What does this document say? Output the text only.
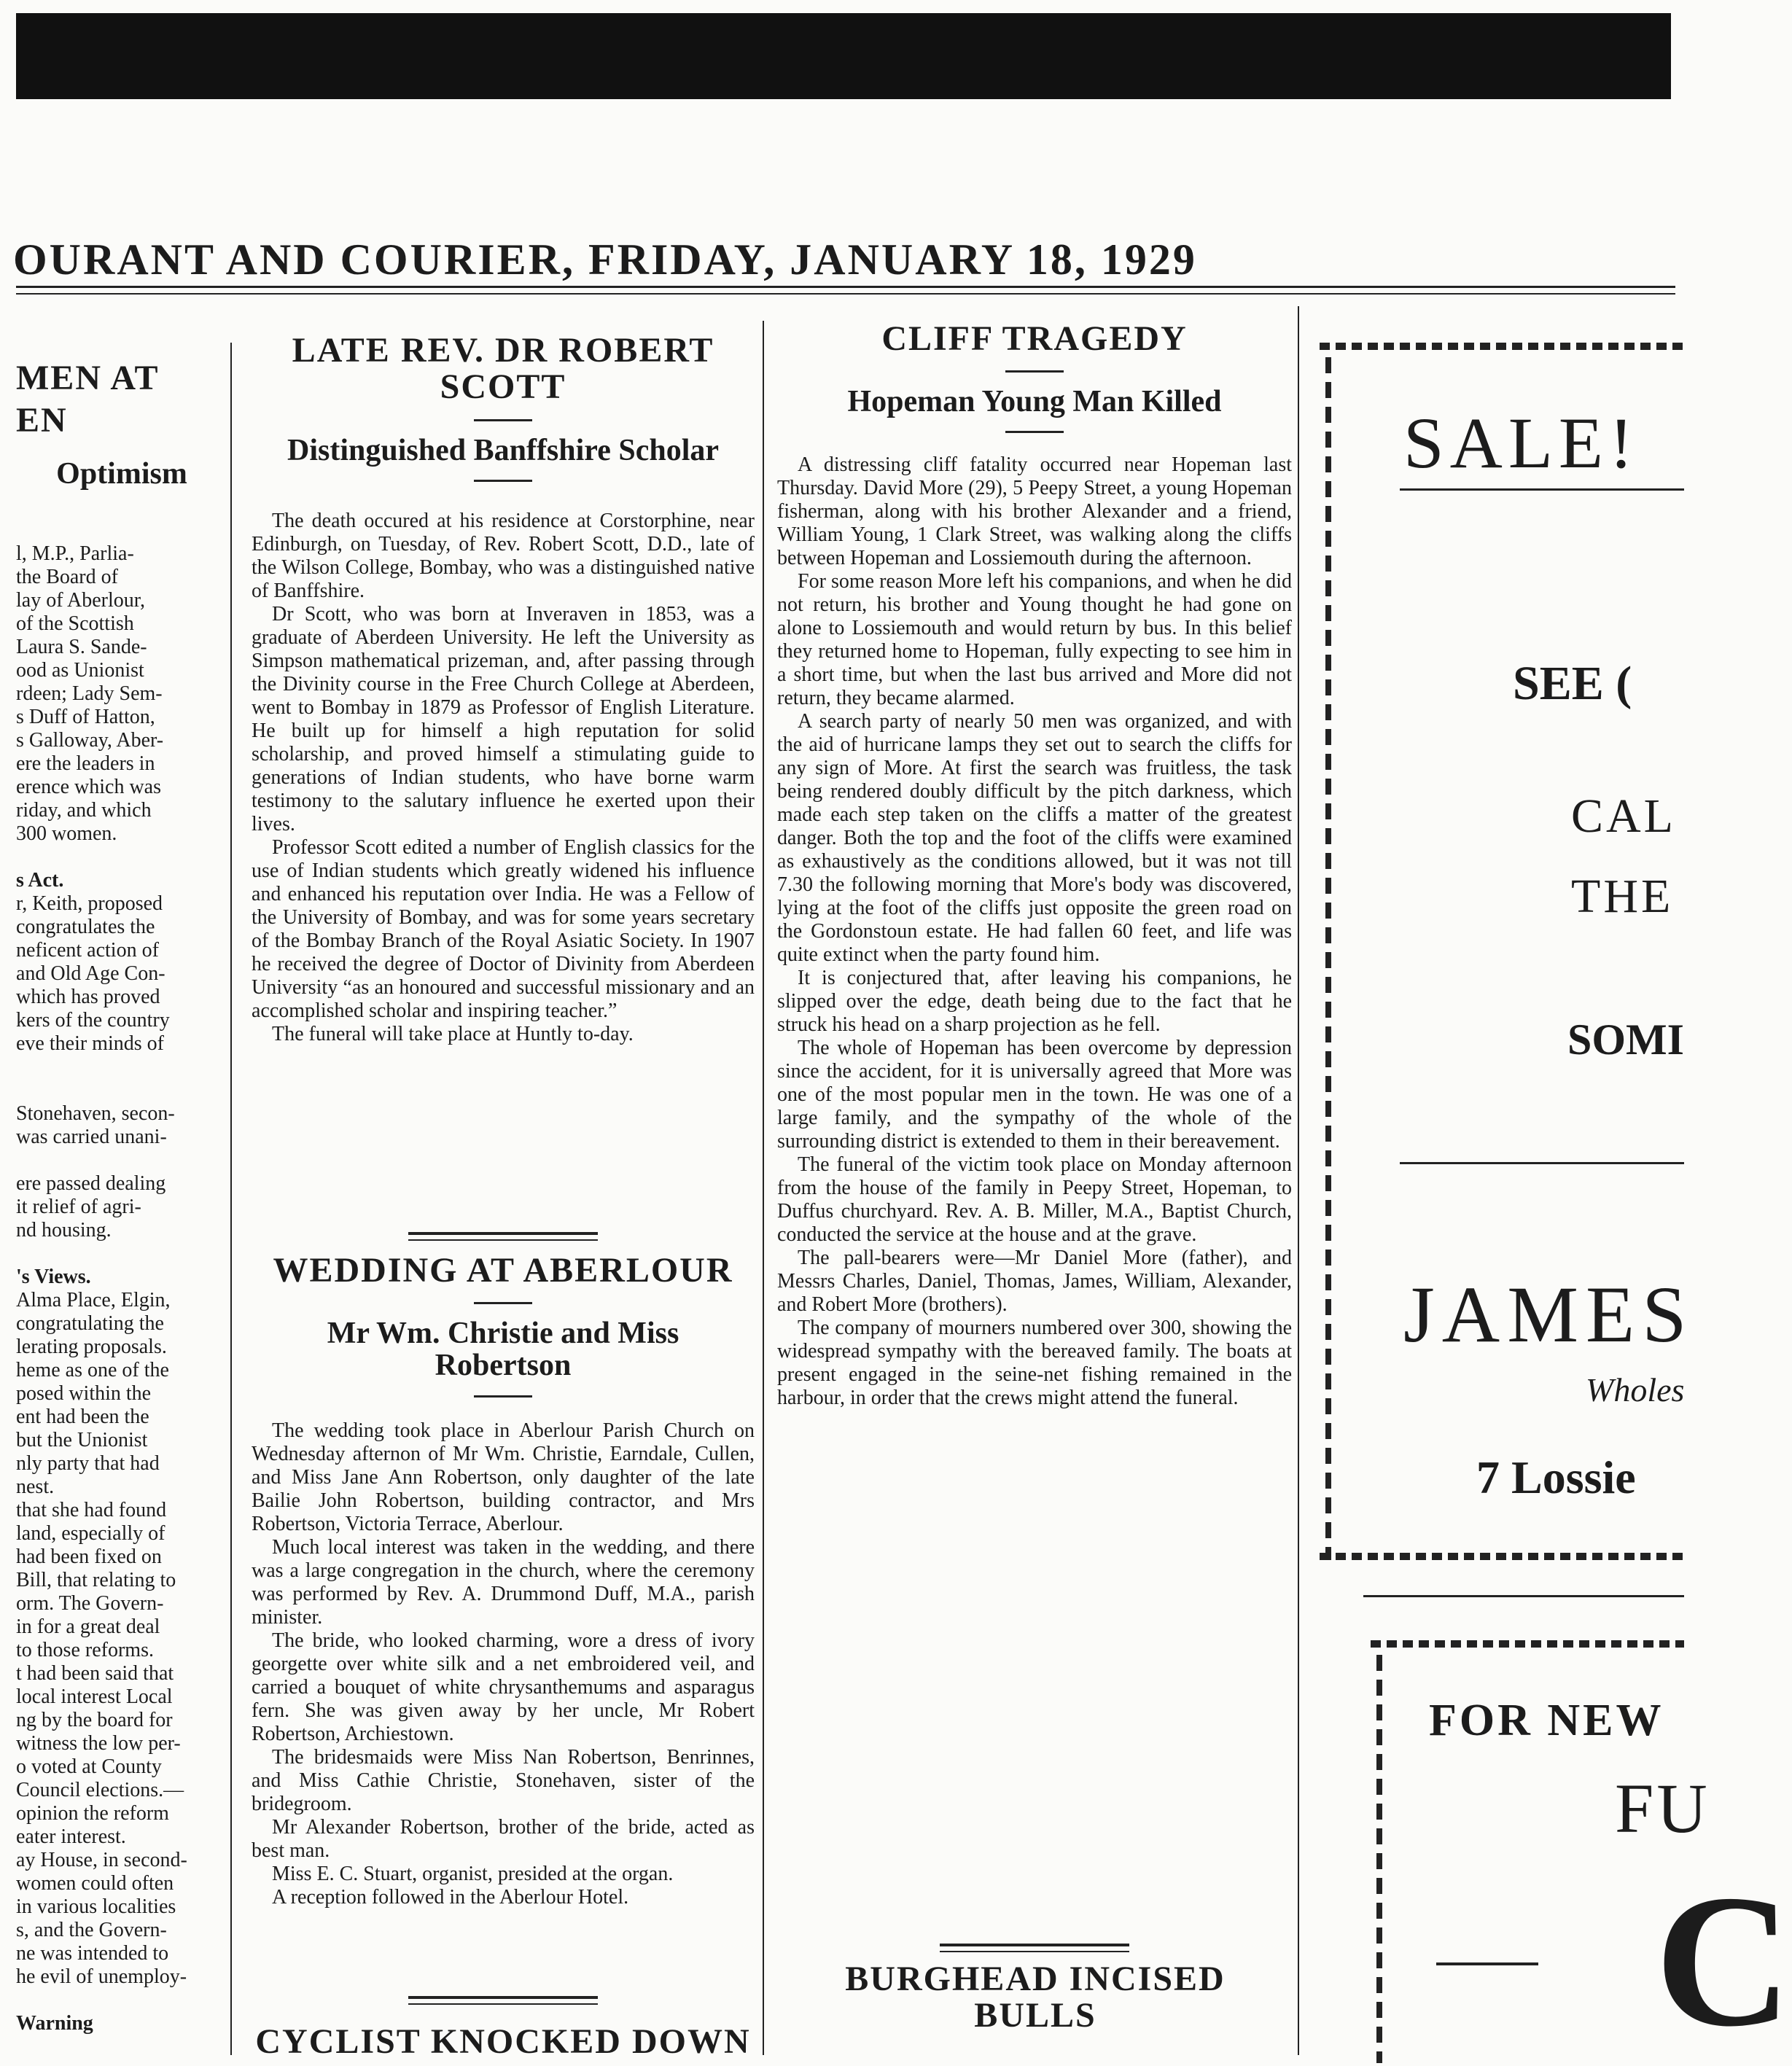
OURANT AND COURIER, FRIDAY, JANUARY 18, 1929
MEN AT
EN
Optimism
l, M.P., Parlia-
the Board of
lay of Aberlour,
of the Scottish
Laura S. Sande-
ood as Unionist
rdeen; Lady Sem-
s Duff of Hatton,
s Galloway, Aber-
ere the leaders in
erence which was
riday, and which
300 women.
s Act.
r, Keith, proposed
congratulates the
neficent action of
and Old Age Con-
which has proved
kers of the country
eve their minds of
Stonehaven, secon-
was carried unani-
ere passed dealing
it relief of agri-
nd housing.
's Views.
Alma Place, Elgin,
congratulating the
lerating proposals.
heme as one of the
posed within the
ent had been the
but the Unionist
nly party that had
nest.
that she had found
land, especially of
had been fixed on
Bill, that relating to
orm. The Govern-
in for a great deal
to those reforms.
t had been said that
local interest Local
ng by the board for
witness the low per-
o voted at County
Council elections.—
opinion the reform
eater interest.
ay House, in second-
women could often
in various localities
s, and the Govern-
ne was intended to
he evil of unemploy-
Warning
LATE REV. DR ROBERT SCOTT
Distinguished Banffshire Scholar

The death occured at his residence at Corstorphine, near Edinburgh, on Tuesday, of Rev. Robert Scott, D.D., late of the Wilson College, Bombay, who was a distinguished native of Banffshire.

Dr Scott, who was born at Inveraven in 1853, was a graduate of Aberdeen University. He left the University as Simpson mathematical prizeman, and, after passing through the Divinity course in the Free Church College at Aberdeen, went to Bombay in 1879 as Professor of English Literature. He built up for himself a high reputation for solid scholarship, and proved himself a stimulating guide to generations of Indian students, who have borne warm testimony to the salutary influence he exerted upon their lives.

Professor Scott edited a number of English classics for the use of Indian students which greatly widened his influence and enhanced his reputation over India. He was a Fellow of the University of Bombay, and was for some years secretary of the Bombay Branch of the Royal Asiatic Society. In 1907 he received the degree of Doctor of Divinity from Aberdeen University “as an honoured and successful missionary and an accomplished scholar and inspiring teacher.”

The funeral will take place at Huntly to-day.

WEDDING AT ABERLOUR
Mr Wm. Christie and Miss Robertson

The wedding took place in Aberlour Parish Church on Wednesday afternon of Mr Wm. Christie, Earndale, Cullen, and Miss Jane Ann Robertson, only daughter of the late Bailie John Robertson, building contractor, and Mrs Robertson, Victoria Terrace, Aberlour.

Much local interest was taken in the wedding, and there was a large congregation in the church, where the ceremony was performed by Rev. A. Drummond Duff, M.A., parish minister.

The bride, who looked charming, wore a dress of ivory georgette over white silk and a net embroidered veil, and carried a bouquet of white chrysanthemums and asparagus fern. She was given away by her uncle, Mr Robert Robertson, Archiestown.

The bridesmaids were Miss Nan Robertson, Benrinnes, and Miss Cathie Christie, Stonehaven, sister of the bridegroom.

Mr Alexander Robertson, brother of the bride, acted as best man.

Miss E. C. Stuart, organist, presided at the organ.

A reception followed in the Aberlour Hotel.

CYCLIST KNOCKED DOWN
CLIFF TRAGEDY
Hopeman Young Man Killed

A distressing cliff fatality occurred near Hopeman last Thursday. David More (29), 5 Peepy Street, a young Hopeman fisherman, along with his brother Alexander and a friend, William Young, 1 Clark Street, was walking along the cliffs between Hopeman and Lossiemouth during the afternoon.

For some reason More left his companions, and when he did not return, his brother and Young thought he had gone on alone to Lossiemouth and would return by bus. In this belief they returned home to Hopeman, fully expecting to see him in a short time, but when the last bus arrived and More did not return, they became alarmed.

A search party of nearly 50 men was organized, and with the aid of hurricane lamps they set out to search the cliffs for any sign of More. At first the search was fruitless, the task being rendered doubly difficult by the pitch darkness, which made each step taken on the cliffs a matter of the greatest danger. Both the top and the foot of the cliffs were examined as exhaustively as the conditions allowed, but it was not till 7.30 the following morning that More's body was discovered, lying at the foot of the cliffs just opposite the green road on the Gordonstoun estate. He had fallen 60 feet, and life was quite extinct when the party found him.

It is conjectured that, after leaving his companions, he slipped over the edge, death being due to the fact that he struck his head on a sharp projection as he fell.

The whole of Hopeman has been overcome by depression since the accident, for it is universally agreed that More was one of the most popular men in the town. He was one of a large family, and the sympathy of the whole of the surrounding district is extended to them in their bereavement.

The funeral of the victim took place on Monday afternoon from the house of the family in Peepy Street, Hopeman, to Duffus churchyard. Rev. A. B. Miller, M.A., Baptist Church, conducted the service at the house and at the grave.

The pall-bearers were—Mr Daniel More (father), and Messrs Charles, Daniel, Thomas, James, William, Alexander, and Robert More (brothers).

The company of mourners numbered over 300, showing the widespread sympathy with the bereaved family. The boats at present engaged in the seine-net fishing remained in the harbour, in order that the crews might attend the funeral.

BURGHEAD INCISED BULLS
SALE!
SEE (
CAL
THE
SOMI
JAMES
Wholes
7 Lossie
FOR NEW
FU
C
